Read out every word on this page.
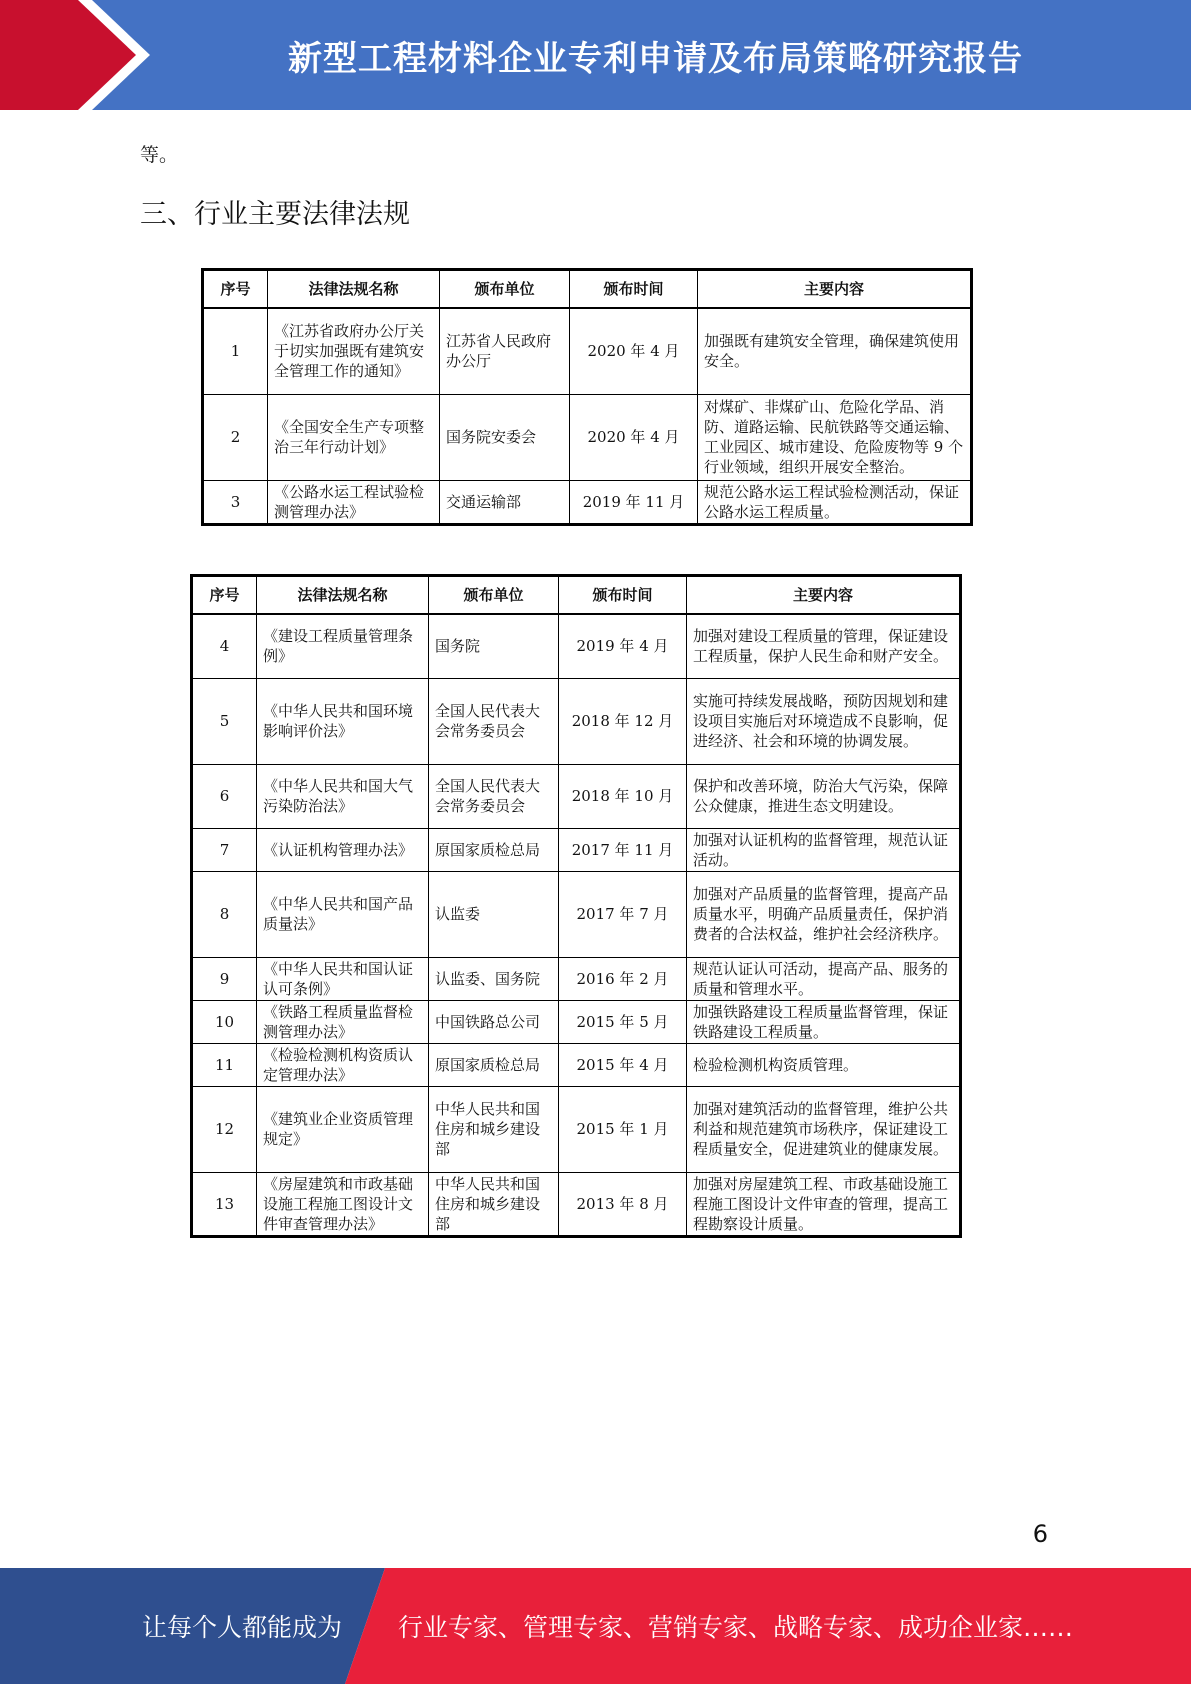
新型工程材料企业专利申请及布局策略研究报告
等。
三、行业主要法律法规
序号	法律法规名称	颁布单位	颁布时间	主要内容
1	《江苏省政府办公厅关于切实加强既有建筑安全管理工作的通知》	江苏省人民政府办公厅	2020 年 4 月	加强既有建筑安全管理，确保建筑使用安全。
2	《全国安全生产专项整治三年行动计划》	国务院安委会	2020 年 4 月	对煤矿、非煤矿山、危险化学品、消防、道路运输、民航铁路等交通运输、工业园区、城市建设、危险废物等 9 个行业领域，组织开展安全整治。
3	《公路水运工程试验检测管理办法》	交通运输部	2019 年 11 月	规范公路水运工程试验检测活动，保证公路水运工程质量。
序号	法律法规名称	颁布单位	颁布时间	主要内容
4	《建设工程质量管理条例》	国务院	2019 年 4 月	加强对建设工程质量的管理，保证建设工程质量，保护人民生命和财产安全。
5	《中华人民共和国环境影响评价法》	全国人民代表大会常务委员会	2018 年 12 月	实施可持续发展战略，预防因规划和建设项目实施后对环境造成不良影响，促进经济、社会和环境的协调发展。
6	《中华人民共和国大气污染防治法》	全国人民代表大会常务委员会	2018 年 10 月	保护和改善环境，防治大气污染，保障公众健康，推进生态文明建设。
7	《认证机构管理办法》	原国家质检总局	2017 年 11 月	加强对认证机构的监督管理，规范认证活动。
8	《中华人民共和国产品质量法》	认监委	2017 年 7 月	加强对产品质量的监督管理，提高产品质量水平，明确产品质量责任，保护消费者的合法权益，维护社会经济秩序。
9	《中华人民共和国认证认可条例》	认监委、国务院	2016 年 2 月	规范认证认可活动，提高产品、服务的质量和管理水平。
10	《铁路工程质量监督检测管理办法》	中国铁路总公司	2015 年 5 月	加强铁路建设工程质量监督管理，保证铁路建设工程质量。
11	《检验检测机构资质认定管理办法》	原国家质检总局	2015 年 4 月	检验检测机构资质管理。
12	《建筑业企业资质管理规定》	中华人民共和国住房和城乡建设部	2015 年 1 月	加强对建筑活动的监督管理，维护公共利益和规范建筑市场秩序，保证建设工程质量安全，促进建筑业的健康发展。
13	《房屋建筑和市政基础设施工程施工图设计文件审查管理办法》	中华人民共和国住房和城乡建设部	2013 年 8 月	加强对房屋建筑工程、市政基础设施工程施工图设计文件审查的管理，提高工程勘察设计质量。
6
让每个人都能成为 行业专家、管理专家、营销专家、战略专家、成功企业家……
